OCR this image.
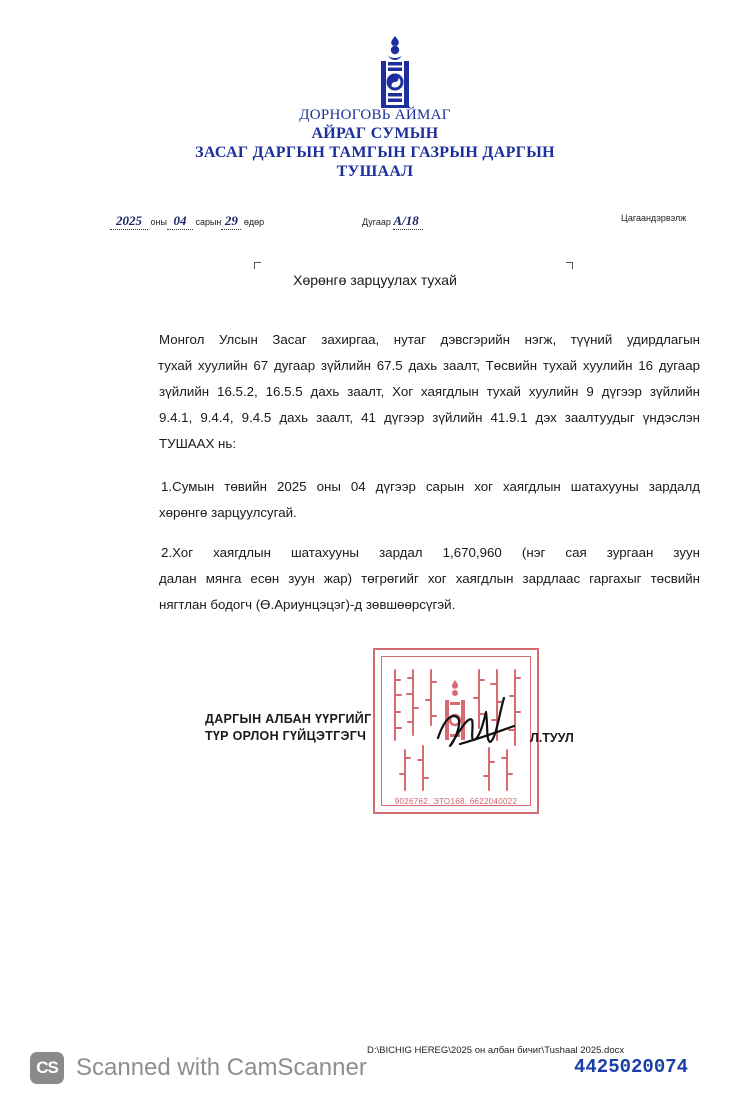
ДОРНОГОВЬ АЙМАГ
АЙРАГ СУМЫН
ЗАСАГ ДАРГЫН ТАМГЫН ГАЗРЫН ДАРГЫН
ТУШААЛ
2025 оны 04 сарын 29 өдөр	Дугаар А/18	Цагаандэрвэлж
Хөрөнгө зарцуулах тухай
Монгол Улсын Засаг захиргаа, нутаг дэвсгэрийн нэгж, түүний удирдлагын
тухай хуулийн 67 дугаар зүйлийн 67.5 дахь заалт, Төсвийн тухай хуулийн 16 дугаар
зүйлийн 16.5.2, 16.5.5 дахь заалт, Хог хаягдлын тухай хуулийн 9 дүгээр зүйлийн
9.4.1, 9.4.4, 9.4.5 дахь заалт, 41 дүгээр зүйлийн 41.9.1 дэх заалтуудыг үндэслэн
ТУШААХ нь:
1.Сумын төвийн 2025 оны 04 дүгээр сарын хог хаягдлын шатахууны зардалд
хөрөнгө зарцуулсугай.
2.Хог хаягдлын шатахууны зардал 1,670,960 (нэг сая зургаан зуун
далан мянга есөн зуун жар) төгрөгийг хог хаягдлын зардлаас гаргахыг төсвийн
нягтлан бодогч (Ө.Ариунцэцэг)-д зөвшөөрсүгэй.
9026762. ЭТО168. 6622040022
ДАРГЫН АЛБАН ҮҮРГИЙГ
ТҮР ОРЛОН ГҮЙЦЭТГЭГЧ	Л.ТУУЛ
D:\BICHIG HEREG\2025 он албан бичиг\Tushaal 2025.docx
4425020074
CS Scanned with CamScanner
